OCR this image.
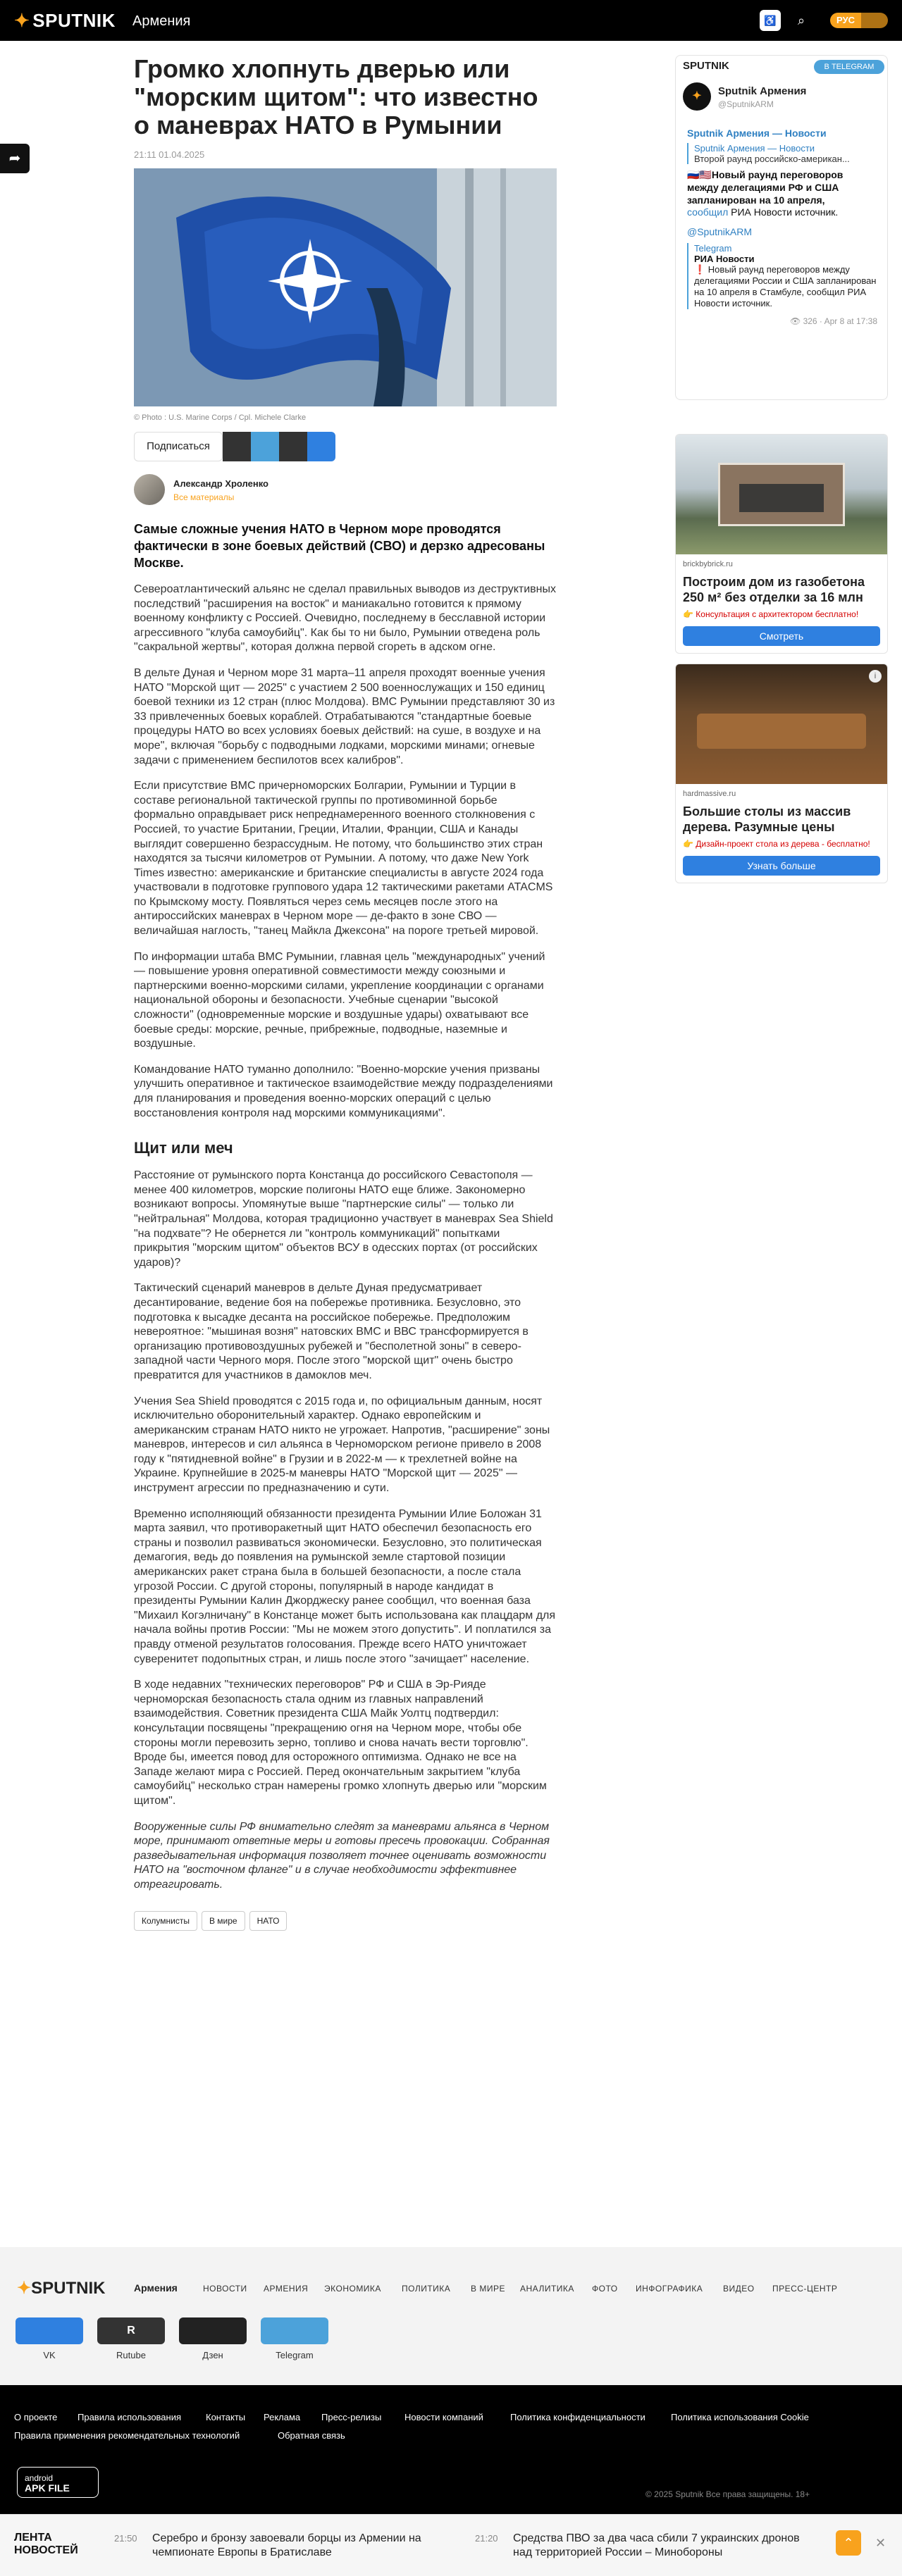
✦ SPUTNIK Армения	♿	⌕	РУС
➦
Громко хлопнуть дверью или "морским щитом": что известно о маневрах НАТО в Румынии
21:11 01.04.2025
© Photo : U.S. Marine Corps / Cpl. Michele Clarke
Подписаться
Александр Хроленко
Все материалы

Самые сложные учения НАТО в Черном море проводятся фактически в зоне боевых действий (СВО) и дерзко адресованы Москве.

Североатлантический альянс не сделал правильных выводов из деструктивных последствий "расширения на восток" и маниакально готовится к прямому военному конфликту с Россией. Очевидно, последнему в бесславной истории агрессивного "клуба самоубийц". Как бы то ни было, Румынии отведена роль "сакральной жертвы", которая должна первой сгореть в адском огне.

В дельте Дуная и Черном море 31 марта–11 апреля проходят военные учения НАТО "Морской щит — 2025" с участием 2 500 военнослужащих и 150 единиц боевой техники из 12 стран (плюс Молдова). ВМС Румынии представляют 30 из 33 привлеченных боевых кораблей. Отрабатываются "стандартные боевые процедуры НАТО во всех условиях боевых действий: на суше, в воздухе и на море", включая "борьбу с подводными лодками, морскими минами; огневые задачи с применением беспилотов всех калибров".

Если присутствие ВМС причерноморских Болгарии, Румынии и Турции в составе региональной тактической группы по противоминной борьбе формально оправдывает риск непреднамеренного военного столкновения с Россией, то участие Британии, Греции, Италии, Франции, США и Канады выглядит совершенно безрассудным. Не потому, что большинство этих стран находятся за тысячи километров от Румынии. А потому, что даже New York Times известно: американские и британские специалисты в августе 2024 года участвовали в подготовке группового удара 12 тактическими ракетами ATACMS по Крымскому мосту. Появляться через семь месяцев после этого на антироссийских маневрах в Черном море — де-факто в зоне СВО — величайшая наглость, "танец Майкла Джексона" на пороге третьей мировой.

По информации штаба ВМС Румынии, главная цель "международных" учений — повышение уровня оперативной совместимости между союзными и партнерскими военно-морскими силами, укрепление координации с органами национальной обороны и безопасности. Учебные сценарии "высокой сложности" (одновременные морские и воздушные удары) охватывают все боевые среды: морские, речные, прибрежные, подводные, наземные и воздушные.

Командование НАТО туманно дополнило: "Военно-морские учения призваны улучшить оперативное и тактическое взаимодействие между подразделениями для планирования и проведения военно-морских операций с целью восстановления контроля над морскими коммуникациями".

Щит или меч

Расстояние от румынского порта Констанца до российского Севастополя — менее 400 километров, морские полигоны НАТО еще ближе. Закономерно возникают вопросы. Упомянутые выше "партнерские силы" — только ли "нейтральная" Молдова, которая традиционно участвует в маневрах Sea Shield "на подхвате"? Не обернется ли "контроль коммуникаций" попытками прикрытия "морским щитом" объектов ВСУ в одесских портах (от российских ударов)?

Тактический сценарий маневров в дельте Дуная предусматривает десантирование, ведение боя на побережье противника. Безусловно, это подготовка к высадке десанта на российское побережье. Предположим невероятное: "мышиная возня" натовских ВМС и ВВС трансформируется в организацию противовоздушных рубежей и "бесполетной зоны" в северо-западной части Черного моря. После этого "морской щит" очень быстро превратится для участников в дамоклов меч.

Учения Sea Shield проводятся с 2015 года и, по официальным данным, носят исключительно оборонительный характер. Однако европейским и американским странам НАТО никто не угрожает. Напротив, "расширение" зоны маневров, интересов и сил альянса в Черноморском регионе привело в 2008 году к "пятидневной войне" в Грузии и в 2022-м — к трехлетней войне на Украине. Крупнейшие в 2025-м маневры НАТО "Морской щит — 2025" — инструмент агрессии по предназначению и сути.

Временно исполняющий обязанности президента Румынии Илие Боложан 31 марта заявил, что противоракетный щит НАТО обеспечил безопасность его страны и позволил развиваться экономически. Безусловно, это политическая демагогия, ведь до появления на румынской земле стартовой позиции американских ракет страна была в большей безопасности, а после стала угрозой России. С другой стороны, популярный в народе кандидат в президенты Румынии Калин Джорджеску ранее сообщил, что военная база "Михаил Когэлничану" в Констанце может быть использована как плацдарм для начала войны против России: "Мы не можем этого допустить". И поплатился за правду отменой результатов голосования. Прежде всего НАТО уничтожает суверенитет подопытных стран, и лишь после этого "зачищает" население.

В ходе недавних "технических переговоров" РФ и США в Эр-Рияде черноморская безопасность стала одним из главных направлений взаимодействия. Советник президента США Майк Уолтц подтвердил: консультации посвящены "прекращению огня на Черном море, чтобы обе стороны могли перевозить зерно, топливо и снова начать вести торговлю". Вроде бы, имеется повод для осторожного оптимизма. Однако не все на Западе желают мира с Россией. Перед окончательным закрытием "клуба самоубийц" несколько стран намерены громко хлопнуть дверью или "морским щитом".

Вооруженные силы РФ внимательно следят за маневрами альянса в Черном море, принимают ответные меры и готовы пресечь провокации. Собранная разведывательная информация позволяет точнее оценивать возможности НАТО на "восточном фланге" и в случае необходимости эффективнее отреагировать.

Колумнисты В мире НАТО
SPUTNIK	В TELEGRAM
✦	Sputnik Армения
@SputnikARM
Sputnik Армения — Новости
Sputnik Армения — Новости
Второй раунд российско-американ...
🇷🇺🇺🇸Новый раунд переговоров между делегациями РФ и США запланирован на 10 апреля,
сообщил РИА Новости источник.
@SputnikARM
Telegram
РИА Новости
❗️ Новый раунд переговоров между делегациями России и США запланирован на 10 апреля в Стамбуле, сообщил РИА Новости источник.
👁 326 · Apr 8 at 17:38
brickbybrick.ru
Построим дом из газобетона 250 м² без отделки за 16 млн
👉 Консультация с архитектором бесплатно!
Смотреть
i
hardmassive.ru
Большие столы из массив дерева. Разумные цены
👉 Дизайн-проект стола из дерева - бесплатно!
Узнать больше
✦SPUTNIK	Армения	НОВОСТИ АРМЕНИЯ ЭКОНОМИКА ПОЛИТИКА В МИРЕ АНАЛИТИКА ФОТО ИНФОГРАФИКА ВИДЕО ПРЕСС-ЦЕНТР
VK
R
Rutube	Дзен	Telegram
О проекте Правила использования	Контакты Реклама Пресс-релизы	Новости компаний	Политика конфиденциальности	Политика использования Cookie
Правила применения рекомендательных технологий	Обратная связь
android
APK FILE
© 2025 Sputnik Все права защищены. 18+
ЛЕНТА НОВОСТЕЙ
21:50 Серебро и бронзу завоевали борцы из Армении на чемпионате Европы в Братиславе
21:20 Средства ПВО за два часа сбили 7 украинских дронов над территорией России – Минобороны
⌃	✕
